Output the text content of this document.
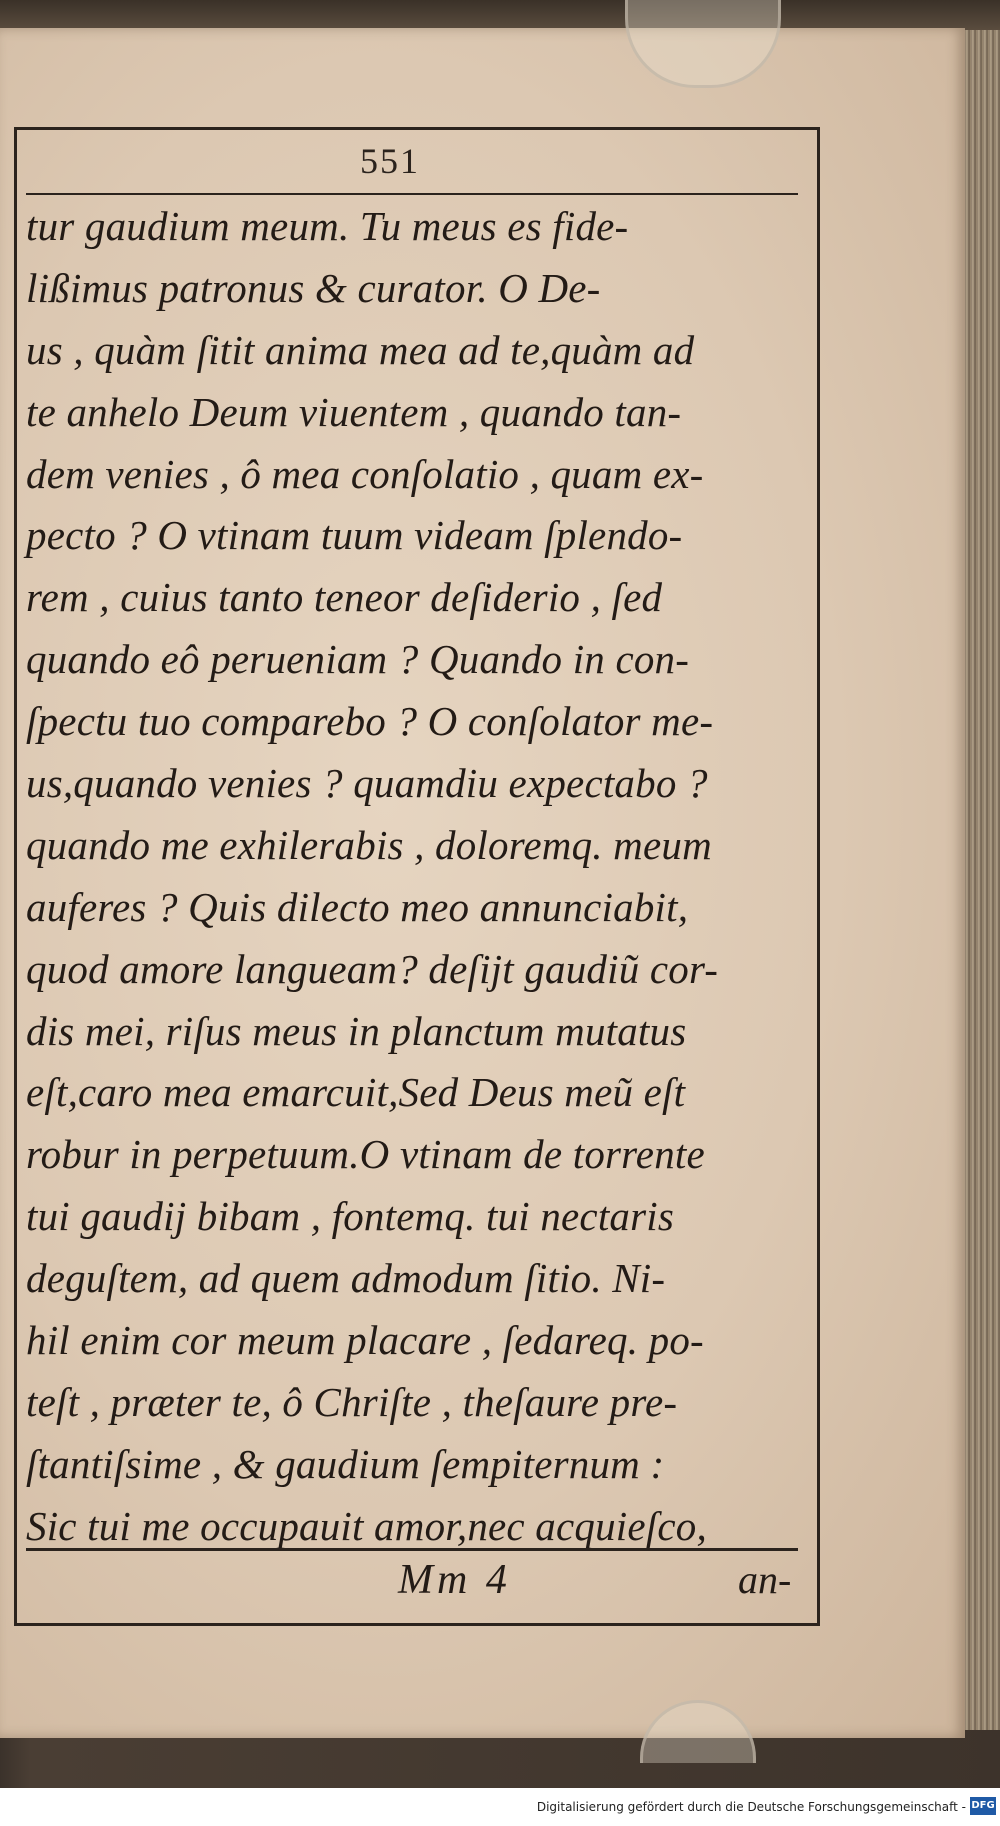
551
tur gaudium meum. Tu meus es fide-
lißimus patronus & curator. O De-
us , quàm ſitit anima mea ad te,quàm ad
te anhelo Deum viuentem , quando tan-
dem venies , ô mea conſolatio , quam ex-
pecto ? O vtinam tuum videam ſplendo-
rem , cuius tanto teneor deſiderio , ſed
quando eô perueniam ? Quando in con-
ſpectu tuo comparebo ? O conſolator me-
us,quando venies ? quamdiu expectabo ?
quando me exhilerabis , doloremq. meum
auferes ? Quis dilecto meo annunciabit,
quod amore langueam? deſijt gaudiũ cor-
dis mei, riſus meus in planctum mutatus
eſt,caro mea emarcuit,Sed Deus meũ eſt
robur in perpetuum.O vtinam de torrente
tui gaudij bibam , fontemq. tui nectaris
deguſtem, ad quem admodum ſitio. Ni-
hil enim cor meum placare , ſedareq. po-
teſt , præter te, ô Chriſte , theſaure pre-
ſtantiſsime , & gaudium ſempiternum :
Sic tui me occupauit amor,nec acquieſco,
Mm 4	an-
Digitalisierung gefördert durch die Deutsche Forschungsgemeinschaft - DFG
